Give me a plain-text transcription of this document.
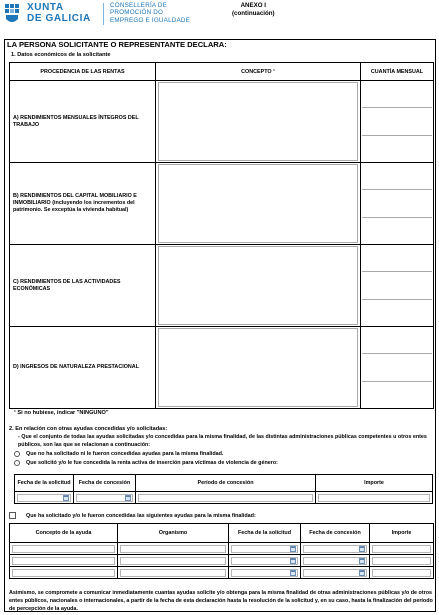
XUNTA
DE GALICIA
CONSELLERÍA DE
PROMOCIÓN DO
EMPREGO E IGUALDADE
ANEXO I
(continuación)
LA PERSONA SOLICITANTE O REPRESENTANTE DECLARA:
1. Datos económicos de la solicitante
PROCEDENCIA DE LAS RENTAS	CONCEPTO ¹	CUANTÍA MENSUAL
A) RENDIMIENTOS MENSUALES ÍNTEGROS DEL TRABAJO	

B) RENDIMIENTOS DEL CAPITAL MOBILIARIO E INMOBILIARIO (incluyendo los incrementos del patrimonio. Se exceptúa la vivienda habitual)	

C) RENDIMIENTOS DE LAS ACTIVIDADES ECONÓMICAS	

D) INGRESOS DE NATURALEZA PRESTACIONAL	

¹ Si no hubiese, indicar "NINGUNO"
2. En relación con otras ayudas concedidas y/o solicitadas:
- Que el conjunto de todas las ayudas solicitadas y/o concedidas para la misma finalidad, de las distintas administraciones públicas competentes u otros entes públicos, son las que se relacionan a continuación:
Que no ha solicitado ni le fueron concedidas ayudas para la misma finalidad.
Que solicitó y/o le fue concedida la renta activa de inserción para víctimas de violencia de género:
Fecha de la solicitud	Fecha de concesión	Período de concesión	Importe

Que ha solicitado y/o le fueron concedidas las siguientes ayudas para la misma finalidad:
Concepto de la ayuda	Organismo	Fecha de la solicitud	Fecha de concesión	Importe

Asimismo, se compromete a comunicar inmediatamente cuantas ayudas solicite y/o obtenga para la misma finalidad de otras administraciones públicas y/o de otros entes públicos, nacionales o internacionales, a partir de la fecha de esta declaración hasta la resolución de la solicitud y, en su caso, hasta la finalización del período de percepción de la ayuda.
